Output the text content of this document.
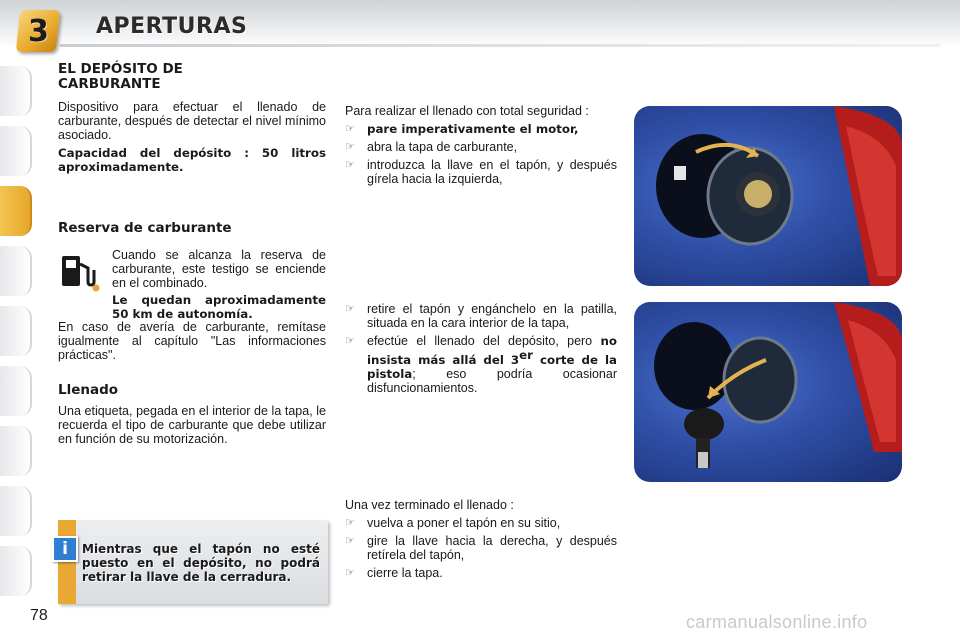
3 APERTURAS
EL DEPÓSITO DE
CARBURANTE

Dispositivo para efectuar el llenado de carburante, después de detectar el nivel mínimo asociado.

Capacidad del depósito : 50 litros aproximadamente.

Reserva de carburante

Cuando se alcanza la reserva de carburante, este testigo se enciende en el combinado.

Le quedan aproximadamente 50 km de autonomía.

En caso de avería de carburante, remítase igualmente al capítulo "Las informaciones prácticas".

Llenado

Una etiqueta, pegada en el interior de la tapa, le recuerda el tipo de carburante que debe utilizar en función de su motorización.

i	Mientras que el tapón no esté puesto en el depósito, no podrá retirar la llave de la cerradura.

Para realizar el llenado con total seguridad :

☞ pare imperativamente el motor,
☞ abra la tapa de carburante,
☞ introduzca la llave en el tapón, y después gírela hacia la izquierda,
☞ retire el tapón y engánchelo en la patilla, situada en la cara interior de la tapa,
☞ efectúe el llenado del depósito, pero no insista más allá del 3er corte de la pistola; eso podría ocasionar disfuncionamientos.

Una vez terminado el llenado :

☞ vuelva a poner el tapón en su sitio,
☞ gire la llave hacia la derecha, y después retírela del tapón,
☞ cierre la tapa.
78	carmanualsonline.info
